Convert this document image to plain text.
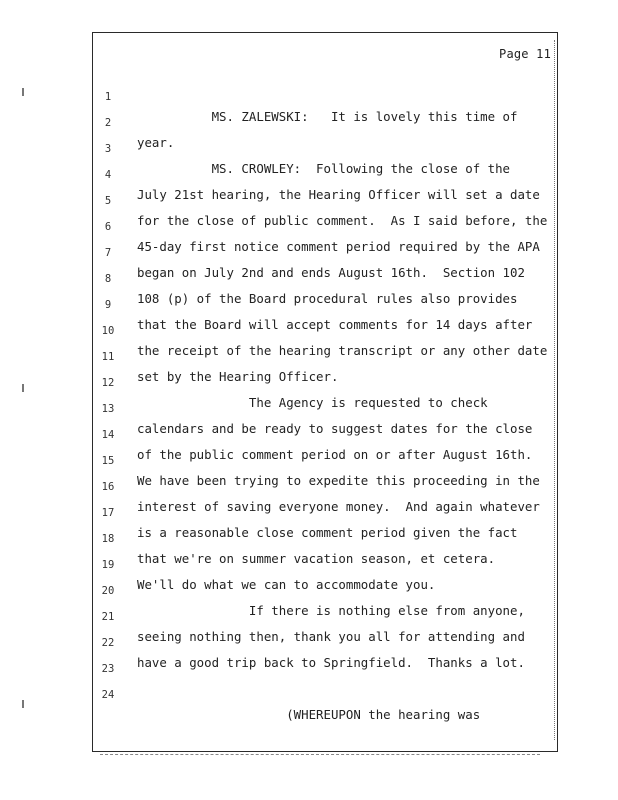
Page 11

1

MS. ZALEWSKI:   It is lovely this time of

2

year.

3

MS. CROWLEY:  Following the close of the

4

July 21st hearing, the Hearing Officer will set a date

5

for the close of public comment.  As I said before, the

6

45-day first notice comment period required by the APA

7

began on July 2nd and ends August 16th.  Section 102

8

108 (p) of the Board procedural rules also provides

9

that the Board will accept comments for 14 days after

10

the receipt of the hearing transcript or any other date

11

set by the Hearing Officer.

12

The Agency is requested to check

13

calendars and be ready to suggest dates for the close

14

of the public comment period on or after August 16th.

15

We have been trying to expedite this proceeding in the

16

interest of saving everyone money.  And again whatever

17

is a reasonable close comment period given the fact

18

that we're on summer vacation season, et cetera.

19

We'll do what we can to accommodate you.

20

If there is nothing else from anyone,

21

seeing nothing then, thank you all for attending and

22

have a good trip back to Springfield.  Thanks a lot.

23

24

(WHEREUPON the hearing was
